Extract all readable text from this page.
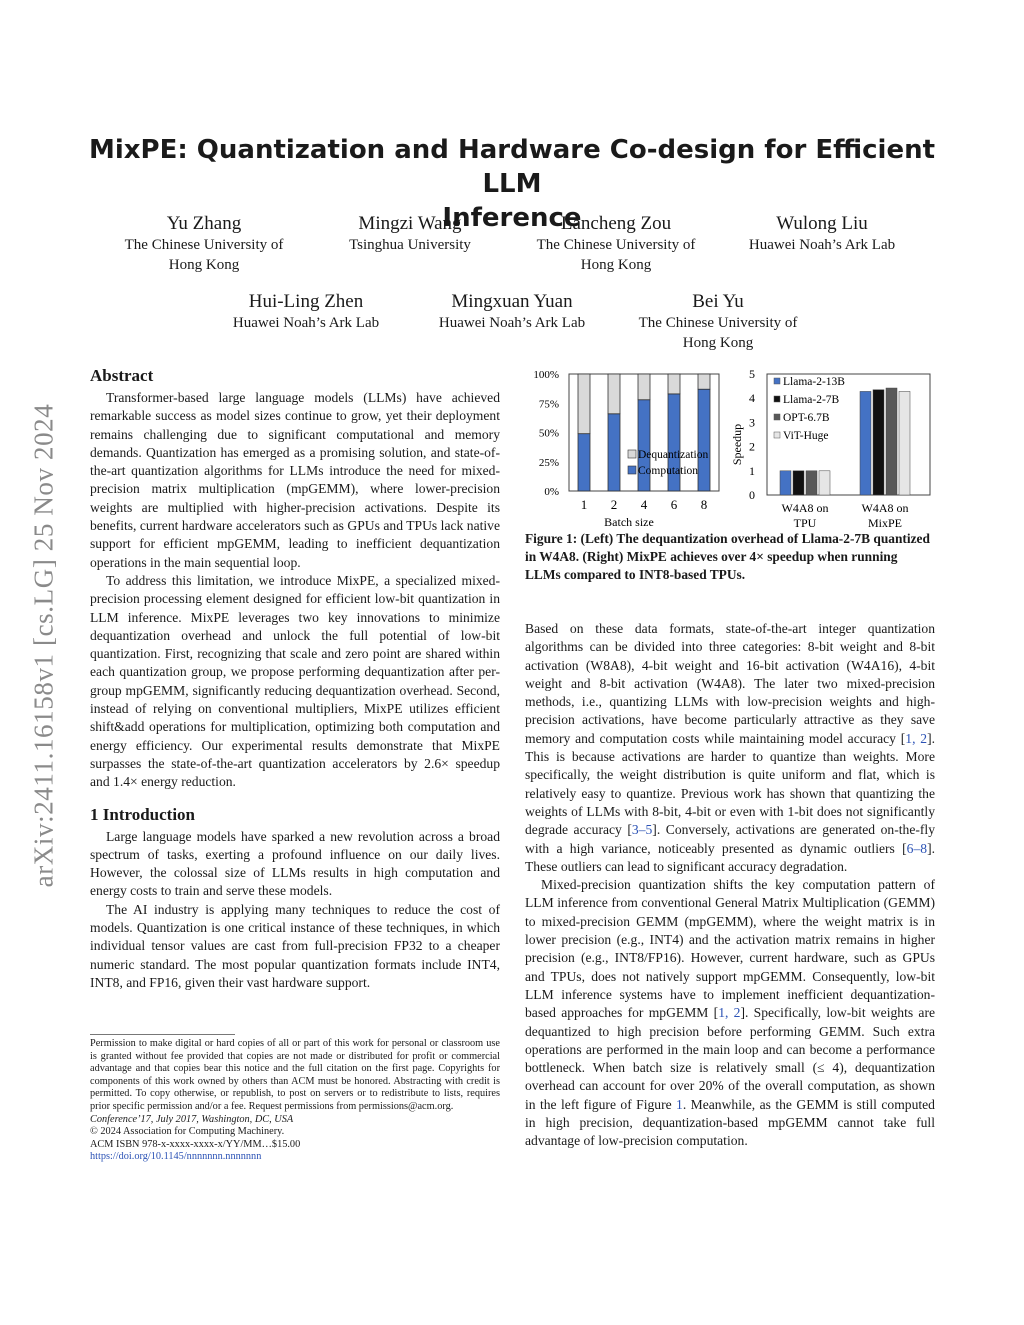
arXiv:2411.16158v1 [cs.LG] 25 Nov 2024
MixPE: Quantization and Hardware Co-design for Efficient LLM
Inference
Yu Zhang
The Chinese University of
Hong Kong
Mingzi Wang
Tsinghua University
Lancheng Zou
The Chinese University of
Hong Kong
Wulong Liu
Huawei Noah’s Ark Lab
Hui-Ling Zhen
Huawei Noah’s Ark Lab
Mingxuan Yuan
Huawei Noah’s Ark Lab
Bei Yu
The Chinese University of
Hong Kong
Abstract

Transformer-based large language models (LLMs) have achieved remarkable success as model sizes continue to grow, yet their deployment remains challenging due to significant computational and memory demands. Quantization has emerged as a promising solution, and state-of-the-art quantization algorithms for LLMs introduce the need for mixed-precision matrix multiplication (mpGEMM), where lower-precision weights are multiplied with higher-precision activations. Despite its benefits, current hardware accelerators such as GPUs and TPUs lack native support for efficient mpGEMM, leading to inefficient dequantization operations in the main sequential loop.

To address this limitation, we introduce MixPE, a specialized mixed-precision processing element designed for efficient low-bit quantization in LLM inference. MixPE leverages two key innovations to minimize dequantization overhead and unlock the full potential of low-bit quantization. First, recognizing that scale and zero point are shared within each quantization group, we propose performing dequantization after per-group mpGEMM, significantly reducing dequantization overhead. Second, instead of relying on conventional multipliers, MixPE utilizes efficient shift&add operations for multiplication, optimizing both computation and energy efficiency. Our experimental results demonstrate that MixPE surpasses the state-of-the-art quantization accelerators by 2.6× speedup and 1.4× energy reduction.

1 Introduction

Large language models have sparked a new revolution across a broad spectrum of tasks, exerting a profound influence on our daily lives. However, the colossal size of LLMs results in high computation and energy costs to train and serve these models.

The AI industry is applying many techniques to reduce the cost of models. Quantization is one critical instance of these techniques, in which individual tensor values are cast from full-precision FP32 to a cheaper numeric standard. The most popular quantization formats include INT4, INT8, and FP16, given their vast hardware support.

Permission to make digital or hard copies of all or part of this work for personal or classroom use is granted without fee provided that copies are not made or distributed for profit or commercial advantage and that copies bear this notice and the full citation on the first page. Copyrights for components of this work owned by others than ACM must be honored. Abstracting with credit is permitted. To copy otherwise, or republish, to post on servers or to redistribute to lists, requires prior specific permission and/or a fee. Request permissions from permissions@acm.org.
Conference’17, July 2017, Washington, DC, USA
© 2024 Association for Computing Machinery.
ACM ISBN 978-x-xxxx-xxxx-x/YY/MM…$15.00
https://doi.org/10.1145/nnnnnnn.nnnnnnn
0%
25%
50%
75%
100%
1 2 4 6 8
Batch size
Dequantization
Computation
0
1
2
3
4
5
Speedup
W4A8 on
TPU
W4A8 on
MixPE
Llama-2-13B
Llama-2-7B
OPT-6.7B
ViT-Huge
Figure 1: (Left) The dequantization overhead of Llama-2-7B quantized in W4A8. (Right) MixPE achieves over 4× speedup when running LLMs compared to INT8-based TPUs.

Based on these data formats, state-of-the-art integer quantization algorithms can be divided into three categories: 8-bit weight and 8-bit activation (W8A8), 4-bit weight and 16-bit activation (W4A16), 4-bit weight and 8-bit activation (W4A8). The later two mixed-precision methods, i.e., quantizing LLMs with low-precision weights and high-precision activations, have become particularly attractive as they save memory and computation costs while maintaining model accuracy [1, 2]. This is because activations are harder to quantize than weights. More specifically, the weight distribution is quite uniform and flat, which is relatively easy to quantize. Previous work has shown that quantizing the weights of LLMs with 8-bit, 4-bit or even with 1-bit does not significantly degrade accuracy [3–5]. Conversely, activations are generated on-the-fly with a high variance, noticeably presented as dynamic outliers [6–8]. These outliers can lead to significant accuracy degradation.

Mixed-precision quantization shifts the key computation pattern of LLM inference from conventional General Matrix Multiplication (GEMM) to mixed-precision GEMM (mpGEMM), where the weight matrix is in lower precision (e.g., INT4) and the activation matrix remains in higher precision (e.g., INT8/FP16). However, current hardware, such as GPUs and TPUs, does not natively support mpGEMM. Consequently, low-bit LLM inference systems have to implement inefficient dequantization-based approaches for mpGEMM [1, 2]. Specifically, low-bit weights are dequantized to high precision before performing GEMM. Such extra operations are performed in the main loop and can become a performance bottleneck. When batch size is relatively small (≤ 4), dequantization overhead can account for over 20% of the overall computation, as shown in the left figure of Figure 1. Meanwhile, as the GEMM is still computed in high precision, dequantization-based mpGEMM cannot take full advantage of low-precision computation.
